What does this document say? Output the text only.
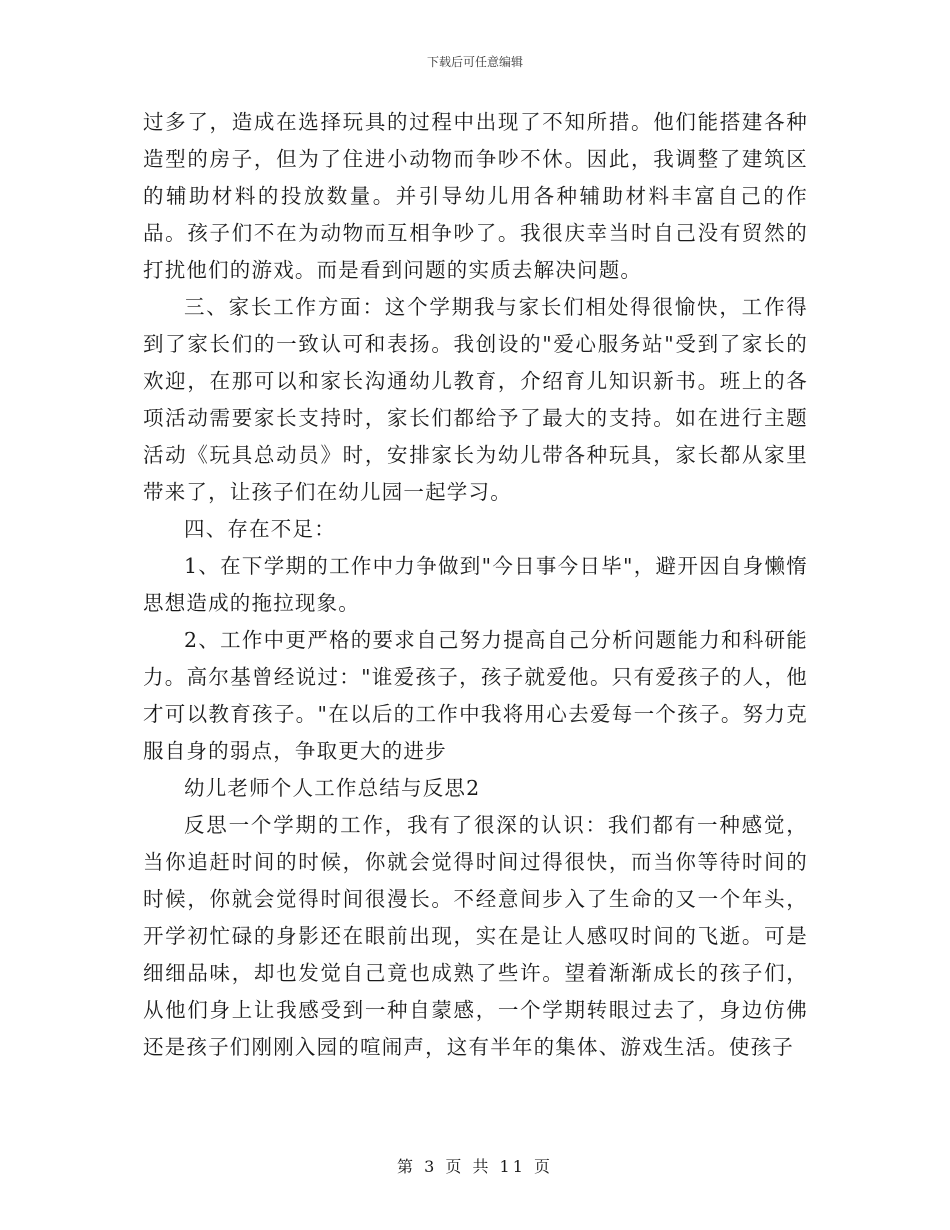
下载后可任意编辑

过多了，造成在选择玩具的过程中出现了不知所措。他们能搭建各种造型的房子，但为了住进小动物而争吵不休。因此，我调整了建筑区的辅助材料的投放数量。并引导幼儿用各种辅助材料丰富自己的作品。孩子们不在为动物而互相争吵了。我很庆幸当时自己没有贸然的打扰他们的游戏。而是看到问题的实质去解决问题。

三、家长工作方面：这个学期我与家长们相处得很愉快，工作得到了家长们的一致认可和表扬。我创设的"爱心服务站"受到了家长的欢迎，在那可以和家长沟通幼儿教育，介绍育儿知识新书。班上的各项活动需要家长支持时，家长们都给予了最大的支持。如在进行主题活动《玩具总动员》时，安排家长为幼儿带各种玩具，家长都从家里带来了，让孩子们在幼儿园一起学习。

四、存在不足：

1、在下学期的工作中力争做到"今日事今日毕"，避开因自身懒惰思想造成的拖拉现象。

2、工作中更严格的要求自己努力提高自己分析问题能力和科研能力。高尔基曾经说过："谁爱孩子，孩子就爱他。只有爱孩子的人，他才可以教育孩子。"在以后的工作中我将用心去爱每一个孩子。努力克服自身的弱点，争取更大的进步

幼儿老师个人工作总结与反思2

反思一个学期的工作，我有了很深的认识：我们都有一种感觉，当你追赶时间的时候，你就会觉得时间过得很快，而当你等待时间的时候，你就会觉得时间很漫长。不经意间步入了生命的又一个年头，开学初忙碌的身影还在眼前出现，实在是让人感叹时间的飞逝。可是细细品味，却也发觉自己竟也成熟了些许。望着渐渐成长的孩子们，从他们身上让我感受到一种自蒙感，一个学期转眼过去了，身边仿佛还是孩子们刚刚入园的喧闹声，这有半年的集体、游戏生活。使孩子

第 3 页 共 11 页
